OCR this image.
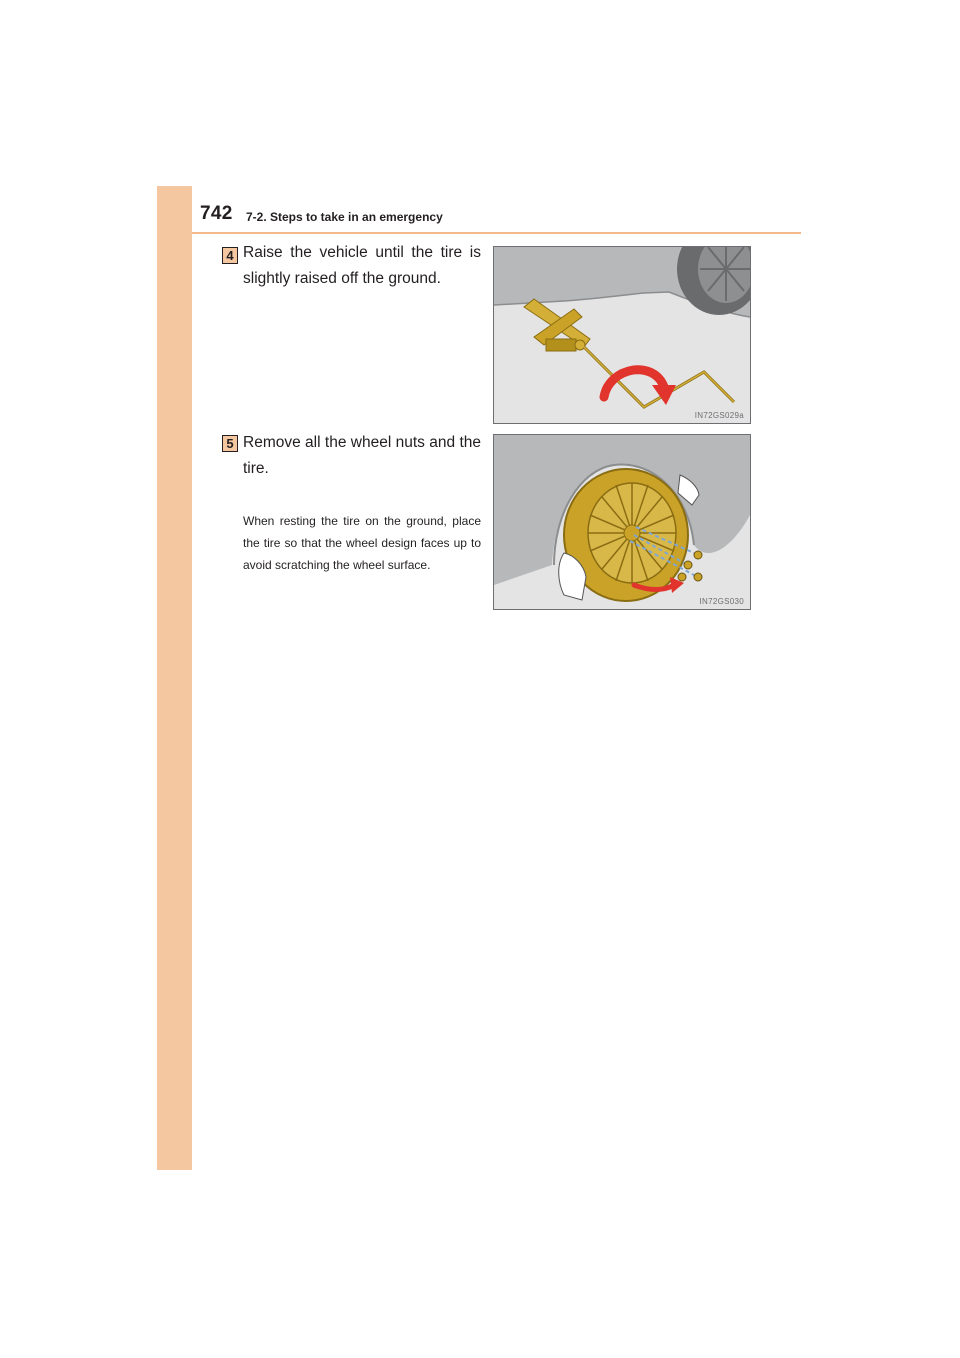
742 7-2. Steps to take in an emergency
4 Raise the vehicle until the tire is slightly raised off the ground.
IN72GS029a
5 Remove all the wheel nuts and the tire.
When resting the tire on the ground, place the tire so that the wheel design faces up to avoid scratching the wheel surface.
IN72GS030
